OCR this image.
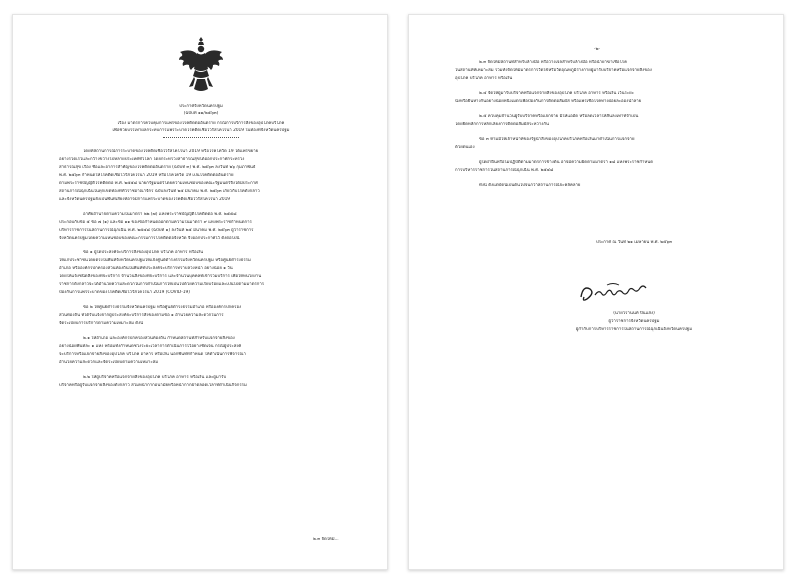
ประกาศจังหวัดนครปฐม
(ฉบับที่ ๑๑/๒๕๖๓)
เรื่อง มาตรการควบคุมการแพร่ของโรคติดต่ออันตราย กรณีการบริการสั่งของอุปโภคบริโภค
เพื่อช่วยบรรเทาผลกระทบการแพร่ระบาดโรคติดเชื้อไวรัสโคโรนา 2019 ในท้องที่จังหวัดนครปฐม
โดยที่สถานการณ์การระบาดของโรคติดเชื้อไวรัสโคโรนา 2019 หรือโรคโควิด 19 ได้แพร่ขยาย
อย่างรวดเร็วและกว้างขวางไปหลายประเทศทั่วโลก โดยกระทรวงสาธารณสุขได้ออกประกาศกระทรวง
สาธารณสุข เรื่อง ชื่อและอาการสำคัญของโรคติดต่ออันตราย (ฉบับที่ ๓) พ.ศ. ๒๕๖๓ ลงวันที่ ๒๖ กุมภาพันธ์
พ.ศ. ๒๕๖๓ กำหนดให้โรคติดเชื้อไวรัสโคโรนา 2019 หรือโรคโควิด 19 เป็นโรคติดต่ออันตราย
ตามพระราชบัญญัติโรคติดต่อ พ.ศ. ๒๕๕๘ นายกรัฐมนตรีโดยความเห็นชอบของคณะรัฐมนตรีจึงได้มีประกาศ
สถานการณ์ฉุกเฉินในทุกเขตท้องที่ทั่วราชอาณาจักร ฉบับลงวันที่ ๒๕ มีนาคม พ.ศ. ๒๕๖๓ เกี่ยวกับโรคดังกล่าว
และจังหวัดนครปฐมยังเป็นพื้นที่เสี่ยงที่อาจมีการแพร่ระบาดของโรคติดเชื้อไวรัสโคโรนา 2019
อาศัยอำนาจตามความในมาตรา ๒๒ (๗) แห่งพระราชบัญญัติโรคติดต่อ พ.ศ. ๒๕๕๘
ประกอบกับข้อ ๕ ข้อ ๗ (๑) และข้อ ๑๑ ของข้อกำหนดออกตามความในมาตรา ๙ แห่งพระราชกำหนดการ
บริหารราชการในสถานการณ์ฉุกเฉิน พ.ศ. ๒๕๔๘ (ฉบับที่ ๑) ลงวันที่ ๒๕ มีนาคม พ.ศ. ๒๕๖๓ ผู้ว่าราชการ
จังหวัดนครปฐมโดยความเห็นชอบของคณะกรรมการโรคติดต่อจังหวัด จึงออกประกาศไว้ ดังต่อไปนี้
ข้อ ๑ ผู้ใดประสงค์จะบริการสั่งของอุปโภค บริโภค อาหาร หรือเงิน
ให้แก่ประชาชนโดยตรงในพื้นที่จังหวัดนครปฐมให้แจ้งศูนย์ดำรงธรรมจังหวัดนครปฐม หรือศูนย์ดำรงธรรม
อำเภอ หรือองค์กรปกครองส่วนท้องถิ่นในพื้นที่ที่ประสงค์จะบริการทราบล่วงหน้า อย่างน้อย ๑ วัน
โดยให้แจ้งชนิดสิ่งของที่จะบริการ จำนวนสิ่งของที่จะบริการ และจำนวนบุคคลที่เข้าร่วมบริการ เพื่อให้หน่วยงาน
ราชการดังกล่าวจะได้อำนวยความสะดวกในการดำเนินการให้เป็นไปด้วยความเรียบร้อยและเป็นไปตามมาตรการ
ป้องกันการแพร่ระบาดของโรคติดเชื้อไวรัสโคโรนา 2019 (COVID-19)
ข้อ ๒ ให้ศูนย์ดำรงธรรมจังหวัดนครปฐม หรือศูนย์ดำรงธรรมอำเภอ หรือองค์กรปกครอง
ส่วนท้องถิ่น ที่ได้รับแจ้งจากผู้ประสงค์จะบริการสั่งของตามข้อ ๑ อำนวยความสะดวกในการ
จัดระเบียบการบริการตามความเหมาะสม ดังนี้
๒.๑ ให้อำเภอ และองค์กรปกครองส่วนท้องถิ่น กำหนดสถานที่สำหรับแจกจ่ายสิ่งของ
อย่างน้อยพื้นที่ละ ๑ แห่ง พร้อมทั้งกำหนดช่วงระยะเวลาการดำเนินการไว้อย่างชัดเจน กรณีผู้ประสงค์
จะบริการหรือแจกจ่ายสิ่งของอุปโภค บริโภค อาหาร หรือเงิน นอกพื้นที่ที่กำหนด ให้ดำเนินการพิจารณา
อำนวยความสะดวกและจัดระเบียบตามความเหมาะสม
๒.๒ ให้ผู้บริจาคหรือแจกจ่ายสิ่งของอุปโภค บริโภค อาหาร หรือเงิน และผู้มารับ
บริจาคหรือผู้รับแจกจ่ายสิ่งของดังกล่าว สวมหน้ากากอนามัยหรือหน้ากากผ้าตลอดเวลาที่ดำเนินกิจกรรม
๒.๓ จัดให้มี...
-๒-
๒.๓ จัดให้มีสถานที่สำหรับล้างมือ หรือวางเจลสำหรับล้างมือ หรือน้ำยาฆ่าเชื้อโรค
ในสถานที่ที่เหมาะสม รวมทั้งจัดให้มีมาตรการวัดไข้หรือวัดอุณหภูมิร่างกายผู้มารับบริจาคหรือแจกจ่ายสิ่งของ
อุปโภค บริโภค อาหาร หรือเงิน
๒.๔ จัดให้ผู้มารับบริจาคหรือแจกจ่ายสิ่งของอุปโภค บริโภค อาหาร หรือเงิน เว้นระยะ
นั่งหรือยืนห่างกันอย่างน้อยหนึ่งเมตรเพื่อป้องกันการติดต่อสัมผัส หรือแพร่เชื้อโรคทางฝอยละอองน้ำลาย
๒.๕ ควบคุมจำนวนผู้รับบริจาคหรือแจกจ่าย มิให้แออัด หรือลดเวลาให้สั้นลงเท่าที่จำเป็น
โดยยึดหลักการหลีกเลี่ยงการติดต่อสัมผัสระหว่างกัน
ข้อ ๓ ห้ามมิให้เจ้าหน้าที่ของรัฐนำสิ่งของอุปโภคบริโภคหรือเงินมาดำเนินการแจกจ่าย
ด้วยตนเอง
ผู้ใดฝ่าฝืนหรือไม่ปฏิบัติตามมาตรการข้างต้น อาจมีความผิดตามมาตรา ๑๘ แห่งพระราชกำหนด
การบริหารราชการในสถานการณ์ฉุกเฉิน พ.ศ. ๒๕๔๘
ทั้งนี้ ตั้งแต่บัดนี้เป็นต้นไปจนกว่าสถานการณ์จะคลี่คลาย
ประกาศ ณ วันที่ ๒๑ เมษายน พ.ศ. ๒๕๖๓
(นายวรานนท์ ปิ่นแสง)
ผู้ว่าราชการจังหวัดนครปฐม
ผู้กำกับการบริหารราชการในสถานการณ์ฉุกเฉินจังหวัดนครปฐม
